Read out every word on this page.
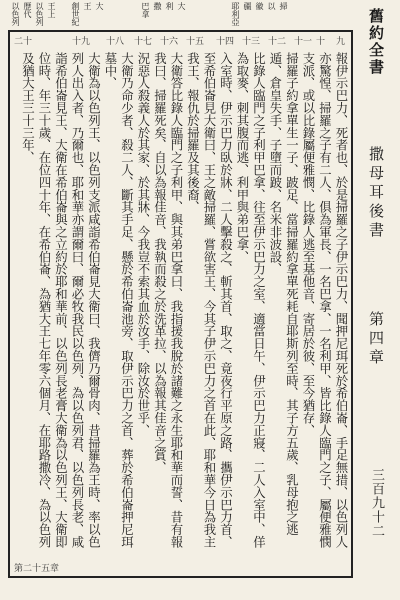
舊約全書
撒母耳後書
第四章
三百九十二
以色列 歷代 以色列 王上 創世紀 王 大	巴拿 撒 利 大	耶利亞 疆 徽 以 掃
二十	十九 十八 十七 十六 十五 十四 十三 十二 十一 十 九

報伊示巴力、死者也、於是掃羅之子伊示巴力、聞押尼珥死於希伯崙、手足無措、以色列人亦驚惶、掃羅之子有二人、俱為軍長、一名巴拿、一名利甲、皆比錄人臨門之子、屬便雅憫支派、或以比錄屬便雅憫、比錄人逃至基他音、寄居於彼、至今猶存、

掃羅子約拿單生一子、跛足、當掃羅約拿單死耗自耶斯列至時、其子方五歲、乳母抱之逃遁、倉皇失手、子墮而跛、名米非波設、

比錄人臨門之子利甲巴拿、往至伊示巴力之室、適當日午、伊示巴力正寢、二人入室中、佯為取麥、刺其腹而逃、利甲與弟巴拿、

入室時、伊示巴力臥於牀、二人擊殺之、斬其首、取之、竟夜行平原之路、攜伊示巴力首、至希伯崙見大衛曰、王之敵掃羅、嘗欲害王、今其子伊示巴力之首在此、耶和華今日為我主我王、報仇於掃羅及其後裔、

大衛答比錄人臨門之子利甲、與其弟巴拿曰、我指援我脫於諸難之永生耶和華而誓、昔有報我曰、掃羅死矣、自以為報佳音、我執而殺之於洗革拉、以為報其佳音之賞、

況惡人殺義人於其家、於其牀、今我豈不索其血於汝手、除汝於世乎、

大衛乃命少者、殺二人、斷其手足、懸於希伯崙池旁、取伊示巴力之首、葬於希伯崙押尼珥墓中、

大衛為以色列王、以色列支派咸詣希伯崙見大衛曰、我儕乃爾骨肉、昔掃羅為王時、率以色列人出入者、乃爾也、耶和華亦謂爾曰、爾必牧我民以色列、為以色列君、以色列長老、咸詣希伯崙見王、大衛在希伯崙與之立約於耶和華前、以色列長老膏大衛為以色列王、大衛即位時、年三十歲、在位四十年、在希伯崙、為猶大王七年零六個月、在耶路撒冷、為以色列及猶大王三十三年、

第二十五章
